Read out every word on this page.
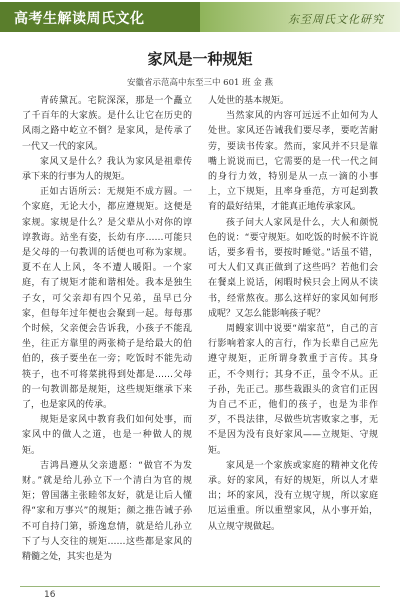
高考生解读周氏文化	东至周氏文化研究
家风是一种规矩
安徽省示范高中东至三中 601 班 金 燕

青砖黛瓦。宅院深深，那是一个矗立了千百年的大家族。是什么让它在历史的风雨之路中屹立不倒？是家风，是传承了一代又一代的家风。

家风又是什么？我认为家风是祖辈传承下来的行事为人的规矩。

正如古语所云：无规矩不成方圆。一个家庭，无论大小，都应遵规矩。这便是家规。家规是什么？是父辈从小对你的谆谆教诲。站坐有姿，长幼有序……可能只是父母的一句教训的话便也可称为家规。夏不在人上风，冬不遭人暖阳。一个家庭，有了规矩才能和谐相处。我本是独生子女，可父亲却有四个兄弟，虽早已分家，但每年过年便也会聚到一起。每每那个时候，父亲便会告诉我，小孩子不能乱坐，往正方靠里的两张椅子是给最大的伯伯的，孩子要坐在一旁；吃饭时不能先动筷子，也不可将菜挑得到处都是……父母的一句教训都是规矩，这些规矩继承下来了，也是家风的传承。

规矩是家风中教育我们如何处事，而家风中的做人之道，也是一种做人的规矩。

吉鸿昌遵从父亲遗愿：“做官不为发财。”就是给儿孙立下一个清白为官的规矩；曾国藩主张睦邻友好，就是让后人懂得“家和万事兴”的规矩；颜之推告诫子孙不可自持门第，骄逸怠情，就是给儿孙立下了与人交往的规矩……这些都是家风的精髓之处，其实也是为

人处世的基本规矩。

当然家风的内容可远远不止如何为人处世。家风还告诫我们要尽孝，要吃苦耐劳，要读书传家。然而，家风并不只是靠嘴上说说而已，它需要的是一代一代之间的身行力效，特别是从一点一滴的小事上，立下规矩，且率身垂范，方可起到教育的最好结果，才能真正地传承家风。

孩子问大人家风是什么，大人和颜悦色的说：“要守规矩。如吃饭的时候不许说话，要多看书，要按时睡觉。”话虽不错，可大人们又真正做到了这些吗？若他们会在餐桌上说话，闲暇时候只会上网从不读书，经常熬夜。那么这样好的家风如何形成呢？又怎么能影响孩子呢？

周鳗家训中说要“端家范”，自己的言行影响着家人的言行，作为长辈自己应先遵守规矩，正所谓身教重于言传。其身正，不令则行；其身不正，虽令不从。正子孙，先正己。那些栽跟头的贪官们正因为自己不正，他们的孩子，也是为非作歹，不畏法律，尽做些坑害败家之事，无不是因为没有良好家风——立规矩、守规矩。

家风是一个家族或家庭的精神文化传承。好的家风，有好的规矩，所以人才辈出；坏的家风，没有立规守规，所以家庭厄运重重。所以重塑家风，从小事开始，从立规守规做起。

16
